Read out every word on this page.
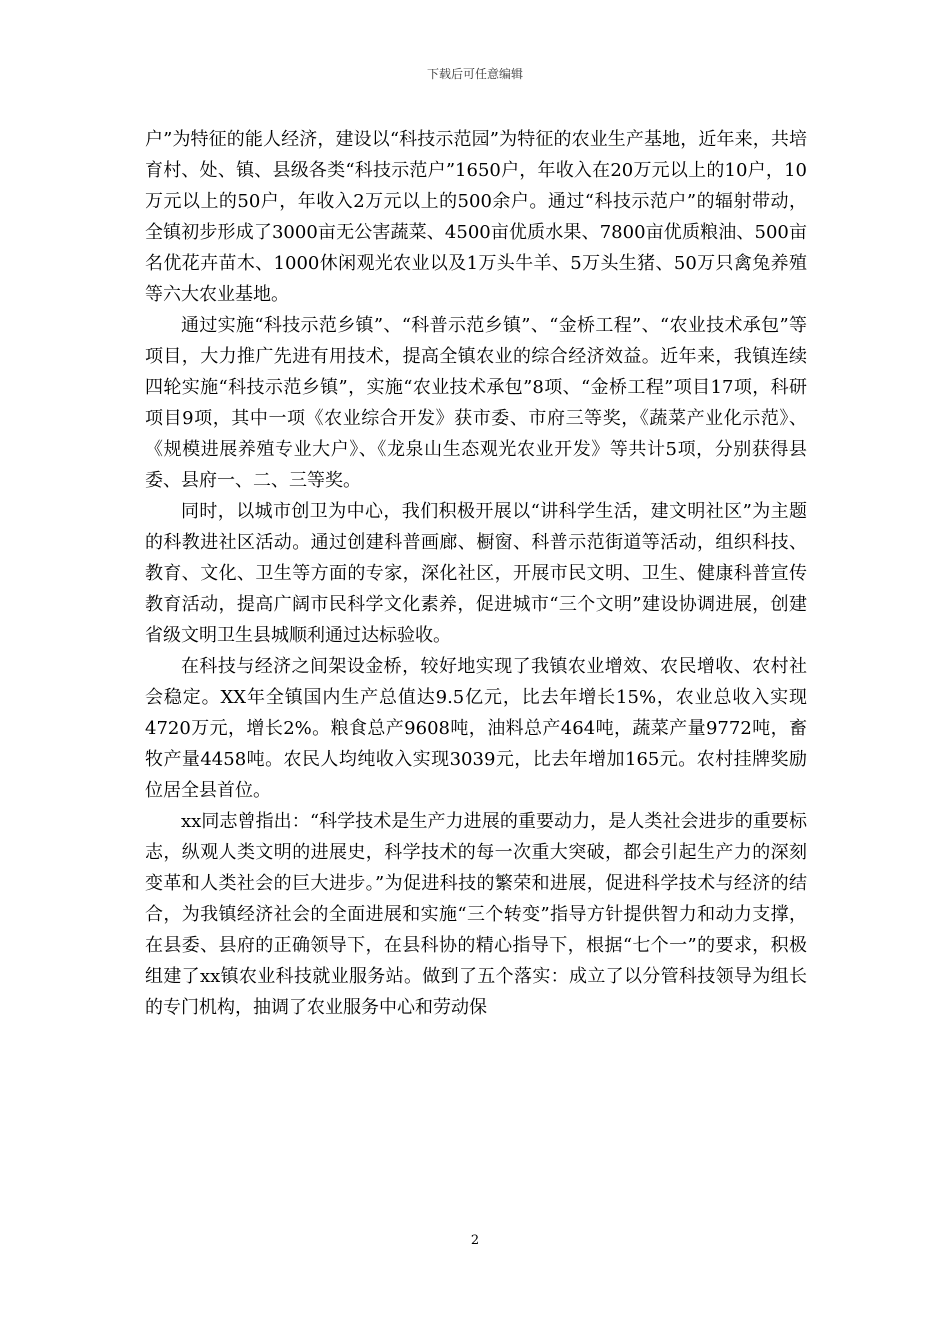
下载后可任意编辑

户”为特征的能人经济，建设以“科技示范园”为特征的农业生产基地，近年来，共培育村、处、镇、县级各类“科技示范户”1650户，年收入在20万元以上的10户，10万元以上的50户，年收入2万元以上的500余户。通过“科技示范户”的辐射带动，全镇初步形成了3000亩无公害蔬菜、4500亩优质水果、7800亩优质粮油、500亩名优花卉苗木、1000休闲观光农业以及1万头牛羊、5万头生猪、50万只禽兔养殖等六大农业基地。

通过实施“科技示范乡镇”、“科普示范乡镇”、“金桥工程”、“农业技术承包”等项目，大力推广先进有用技术，提高全镇农业的综合经济效益。近年来，我镇连续四轮实施“科技示范乡镇”，实施“农业技术承包”8项、“金桥工程”项目17项，科研项目9项，其中一项《农业综合开发》获市委、市府三等奖，《蔬菜产业化示范》、《规模进展养殖专业大户》、《龙泉山生态观光农业开发》等共计5项，分别获得县委、县府一、二、三等奖。

同时，以城市创卫为中心，我们积极开展以“讲科学生活，建文明社区”为主题的科教进社区活动。通过创建科普画廊、橱窗、科普示范街道等活动，组织科技、教育、文化、卫生等方面的专家，深化社区，开展市民文明、卫生、健康科普宣传教育活动，提高广阔市民科学文化素养，促进城市“三个文明”建设协调进展，创建省级文明卫生县城顺利通过达标验收。

在科技与经济之间架设金桥，较好地实现了我镇农业增效、农民增收、农村社会稳定。XX年全镇国内生产总值达9.5亿元，比去年增长15%，农业总收入实现4720万元，增长2%。粮食总产9608吨，油料总产464吨，蔬菜产量9772吨，畜牧产量4458吨。农民人均纯收入实现3039元，比去年增加165元。农村挂牌奖励位居全县首位。

xx同志曾指出：“科学技术是生产力进展的重要动力，是人类社会进步的重要标志，纵观人类文明的进展史，科学技术的每一次重大突破，都会引起生产力的深刻变革和人类社会的巨大进步。”为促进科技的繁荣和进展，促进科学技术与经济的结合，为我镇经济社会的全面进展和实施“三个转变”指导方针提供智力和动力支撑，在县委、县府的正确领导下，在县科协的精心指导下，根据“七个一”的要求，积极组建了xx镇农业科技就业服务站。做到了五个落实：成立了以分管科技领导为组长的专门机构，抽调了农业服务中心和劳动保

2
